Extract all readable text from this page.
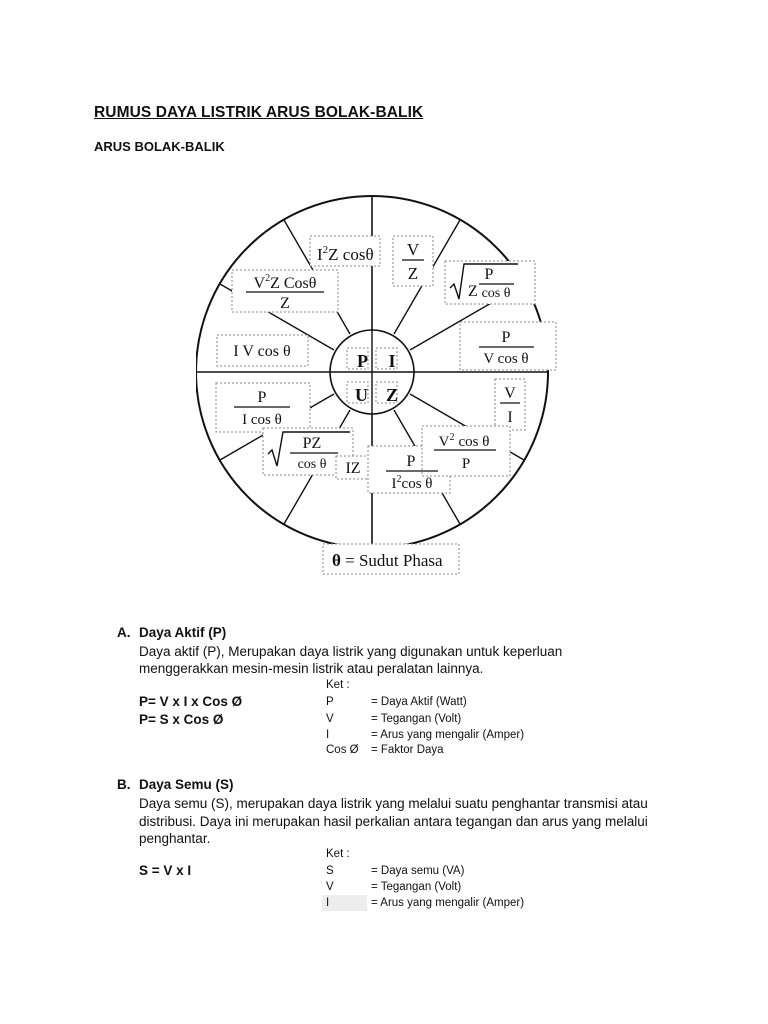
RUMUS DAYA LISTRIK ARUS BOLAK-BALIK
ARUS BOLAK-BALIK
P I
U Z
$I^2Z$ cosθ V
Z
$V^2Z$ Cosθ
Z
P
Z cos θ
I V cos θ
P
V cos θ
P
I cos θ
V
I
PZ
cos θ IZ	P
$I^2\cos$ θ
$V^2$ cos θ
P
θ = Sudut Phasa
A. Daya Aktif (P)
Daya aktif (P), Merupakan daya listrik yang digunakan untuk keperluan
menggerakkan mesin-mesin listrik atau peralatan lainnya.
Ket :
P= V x I x Cos Ø
P= S x Cos Ø
P	= Daya Aktif (Watt)
V	= Tegangan (Volt)
I	= Arus yang mengalir (Amper)
Cos Ø = Faktor Daya
B. Daya Semu (S)
Daya semu (S), merupakan daya listrik yang melalui suatu penghantar transmisi atau
distribusi. Daya ini merupakan hasil perkalian antara tegangan dan arus yang melalui
penghantar.
Ket :
S = V x I	S	= Daya semu (VA)
V	= Tegangan (Volt)
I	= Arus yang mengalir (Amper)
